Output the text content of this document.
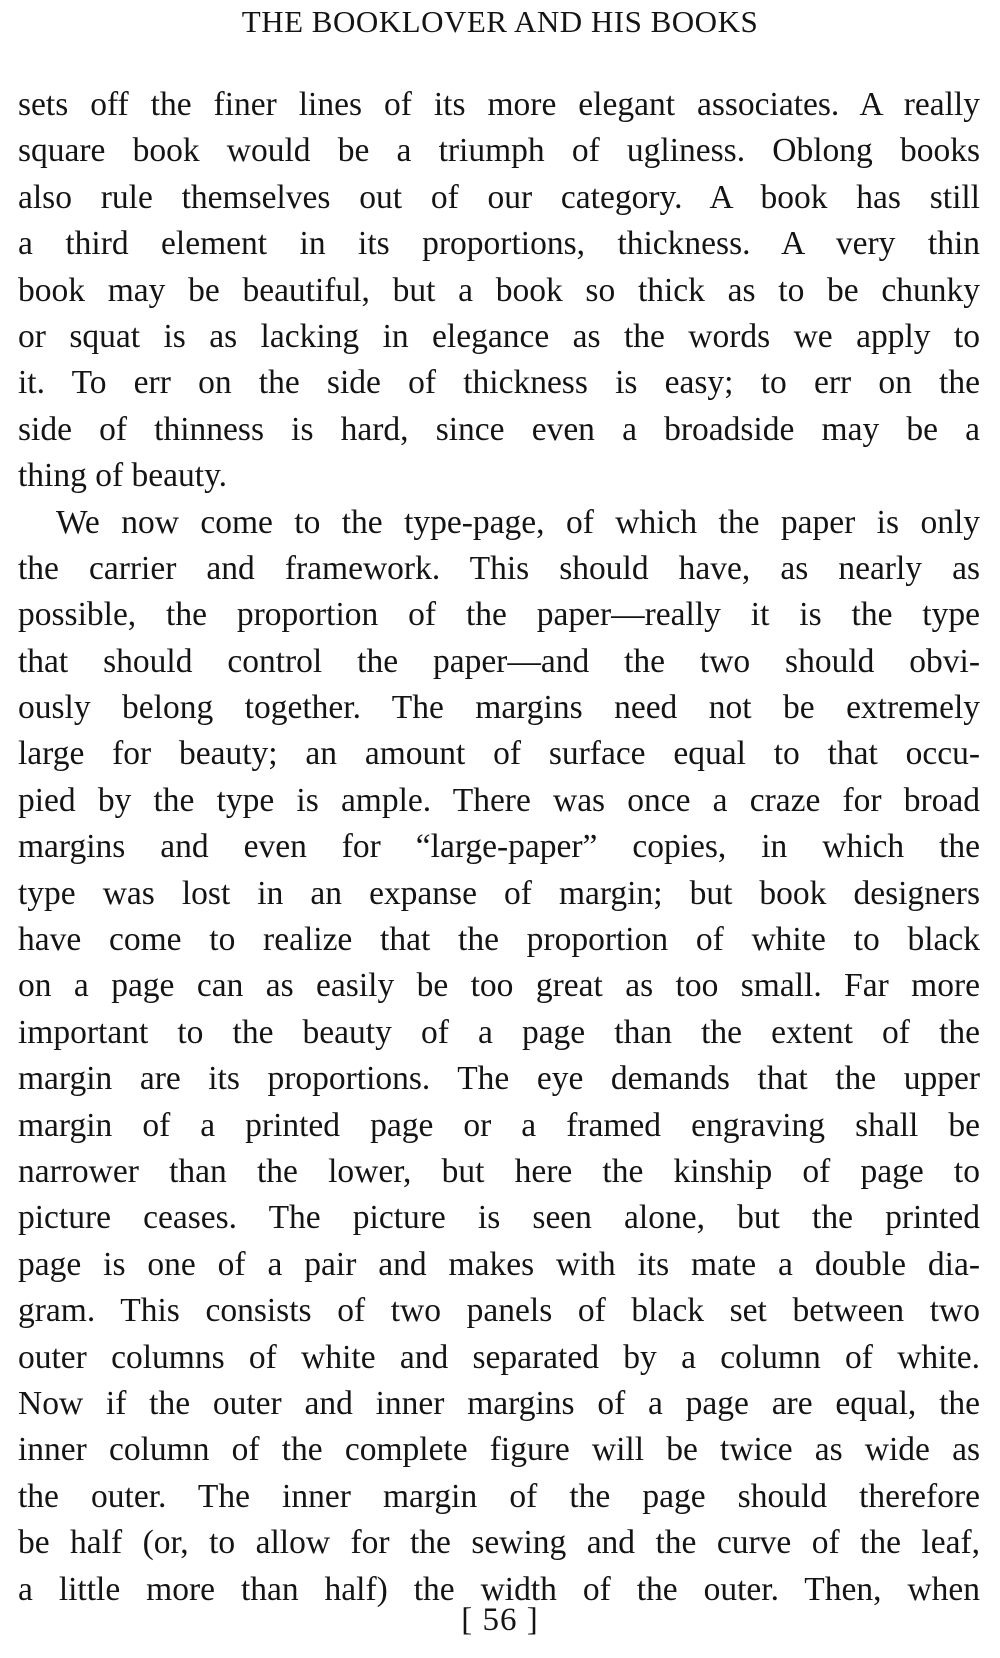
THE BOOKLOVER AND HIS BOOKS
sets off the finer lines of its more elegant associates. A really
square book would be a triumph of ugliness. Oblong books
also rule themselves out of our category. A book has still
a third element in its proportions, thickness. A very thin
book may be beautiful, but a book so thick as to be chunky
or squat is as lacking in elegance as the words we apply to
it. To err on the side of thickness is easy; to err on the
side of thinness is hard, since even a broadside may be a
thing of beauty.
We now come to the type-page, of which the paper is only
the carrier and framework. This should have, as nearly as
possible, the proportion of the paper—really it is the type
that should control the paper—and the two should obvi-
ously belong together. The margins need not be extremely
large for beauty; an amount of surface equal to that occu-
pied by the type is ample. There was once a craze for broad
margins and even for “large-paper” copies, in which the
type was lost in an expanse of margin; but book designers
have come to realize that the proportion of white to black
on a page can as easily be too great as too small. Far more
important to the beauty of a page than the extent of the
margin are its proportions. The eye demands that the upper
margin of a printed page or a framed engraving shall be
narrower than the lower, but here the kinship of page to
picture ceases. The picture is seen alone, but the printed
page is one of a pair and makes with its mate a double dia-
gram. This consists of two panels of black set between two
outer columns of white and separated by a column of white.
Now if the outer and inner margins of a page are equal, the
inner column of the complete figure will be twice as wide as
the outer. The inner margin of the page should therefore
be half (or, to allow for the sewing and the curve of the leaf,
a little more than half) the width of the outer. Then, when
[ 56 ]
